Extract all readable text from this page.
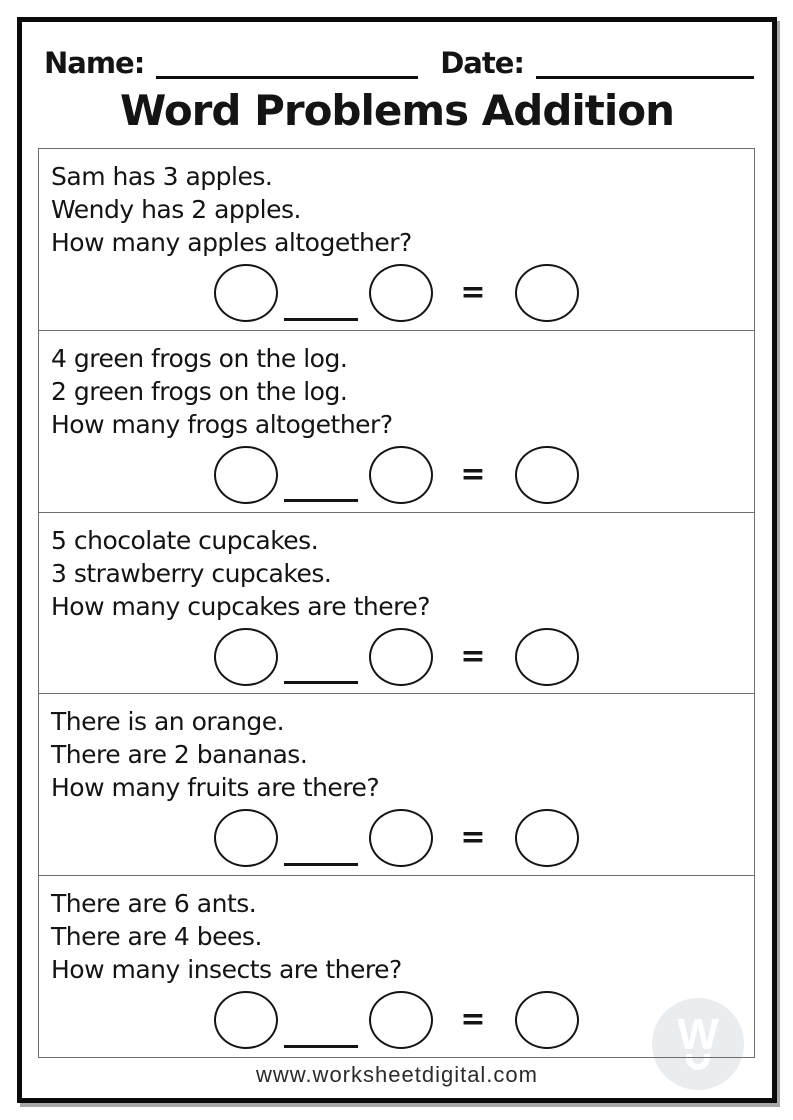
Name:	Date:
Word Problems Addition
W

Sam has 3 apples.

Wendy has 2 apples.

How many apples altogether?

=

4 green frogs on the log.

2 green frogs on the log.

How many frogs altogether?

=

5 chocolate cupcakes.

3 strawberry cupcakes.

How many cupcakes are there?

=

There is an orange.

There are 2 bananas.

How many fruits are there?

=

There are 6 ants.

There are 4 bees.

How many insects are there?

=
www.worksheetdigital.com
